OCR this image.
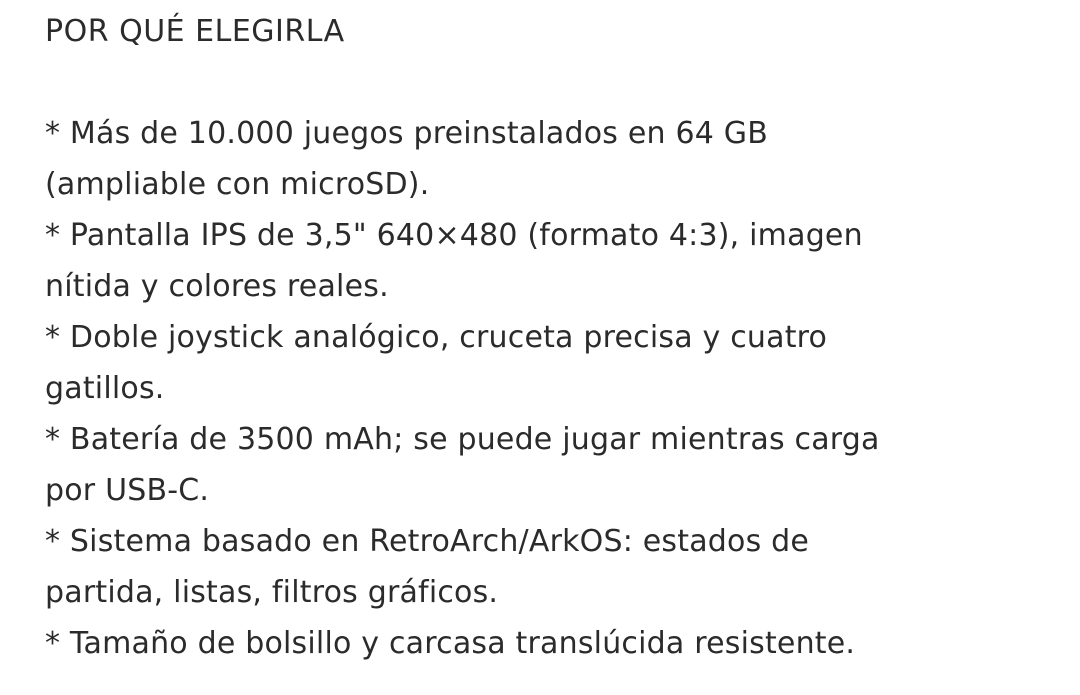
POR QUÉ ELEGIRLA

* Más de 10.000 juegos preinstalados en 64 GB
(ampliable con microSD).

* Pantalla IPS de 3,5" 640×480 (formato 4:3), imagen
nítida y colores reales.

* Doble joystick analógico, cruceta precisa y cuatro
gatillos.

* Batería de 3500 mAh; se puede jugar mientras carga
por USB-C.

* Sistema basado en RetroArch/ArkOS: estados de
partida, listas, filtros gráficos.

* Tamaño de bolsillo y carcasa translúcida resistente.
